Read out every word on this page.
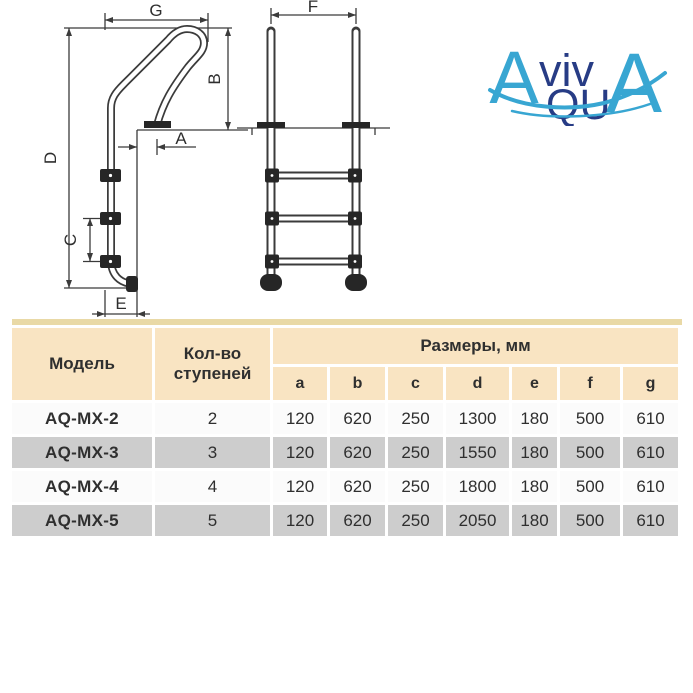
G	F
B
A
D
C
E
A viv A
QU
Модель	Кол-во ступеней	Размеры, мм						
		a	b	c	d	e	f	g
AQ-MX-2	2	120	620	250	1300	180	500	610
AQ-MX-3	3	120	620	250	1550	180	500	610
AQ-MX-4	4	120	620	250	1800	180	500	610
AQ-MX-5	5	120	620	250	2050	180	500	610
